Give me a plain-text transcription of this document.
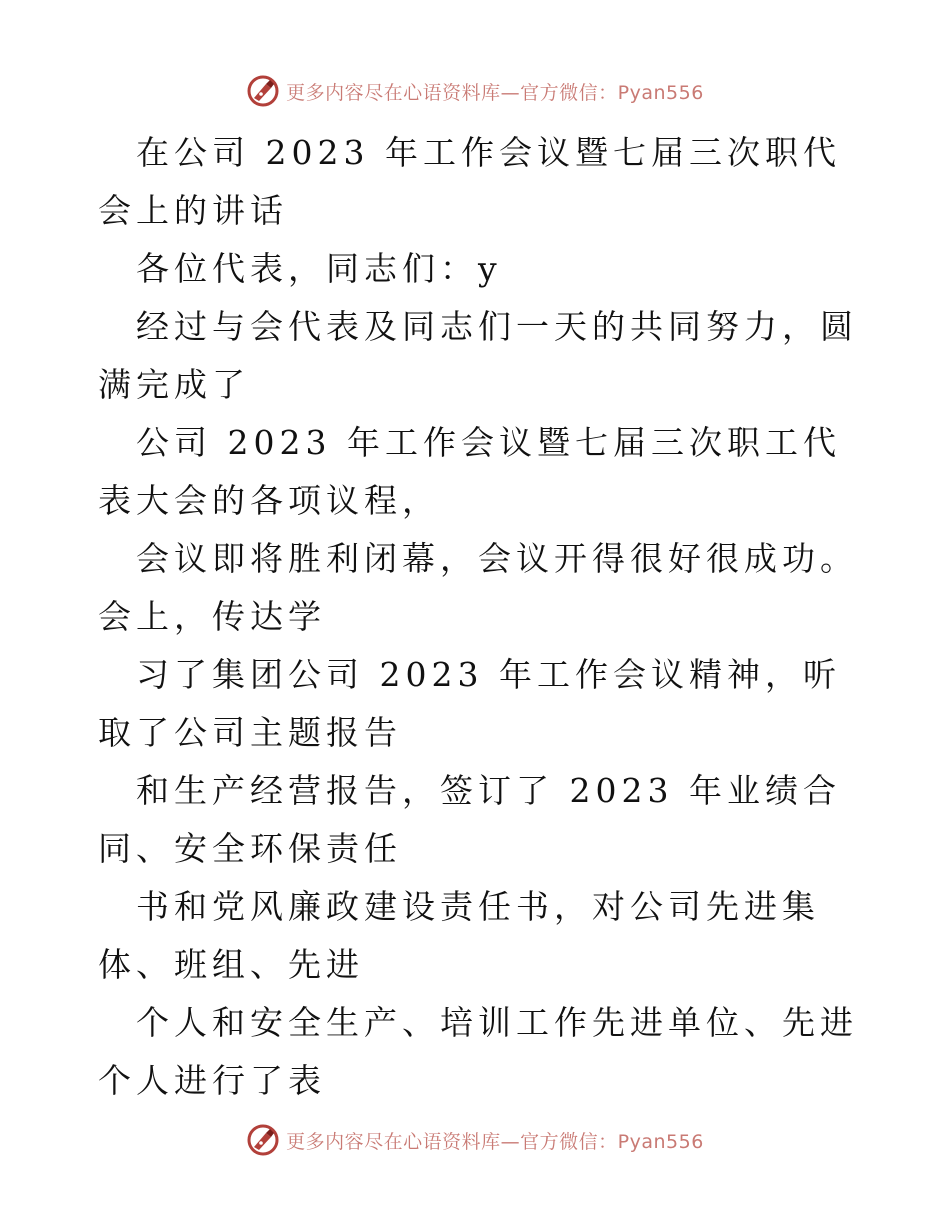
更多内容尽在心语资料库—官方微信：Pyan556

在公司 2023 年工作会议暨七届三次职代会上的讲话

各位代表，同志们：y

经过与会代表及同志们一天的共同努力，圆满完成了

公司 2023 年工作会议暨七届三次职工代表大会的各项议程，

会议即将胜利闭幕，会议开得很好很成功。会上，传达学

习了集团公司 2023 年工作会议精神，听取了公司主题报告

和生产经营报告，签订了 2023 年业绩合同、安全环保责任

书和党风廉政建设责任书，对公司先进集体、班组、先进

个人和安全生产、培训工作先进单位、先进个人进行了表

更多内容尽在心语资料库—官方微信：Pyan556
